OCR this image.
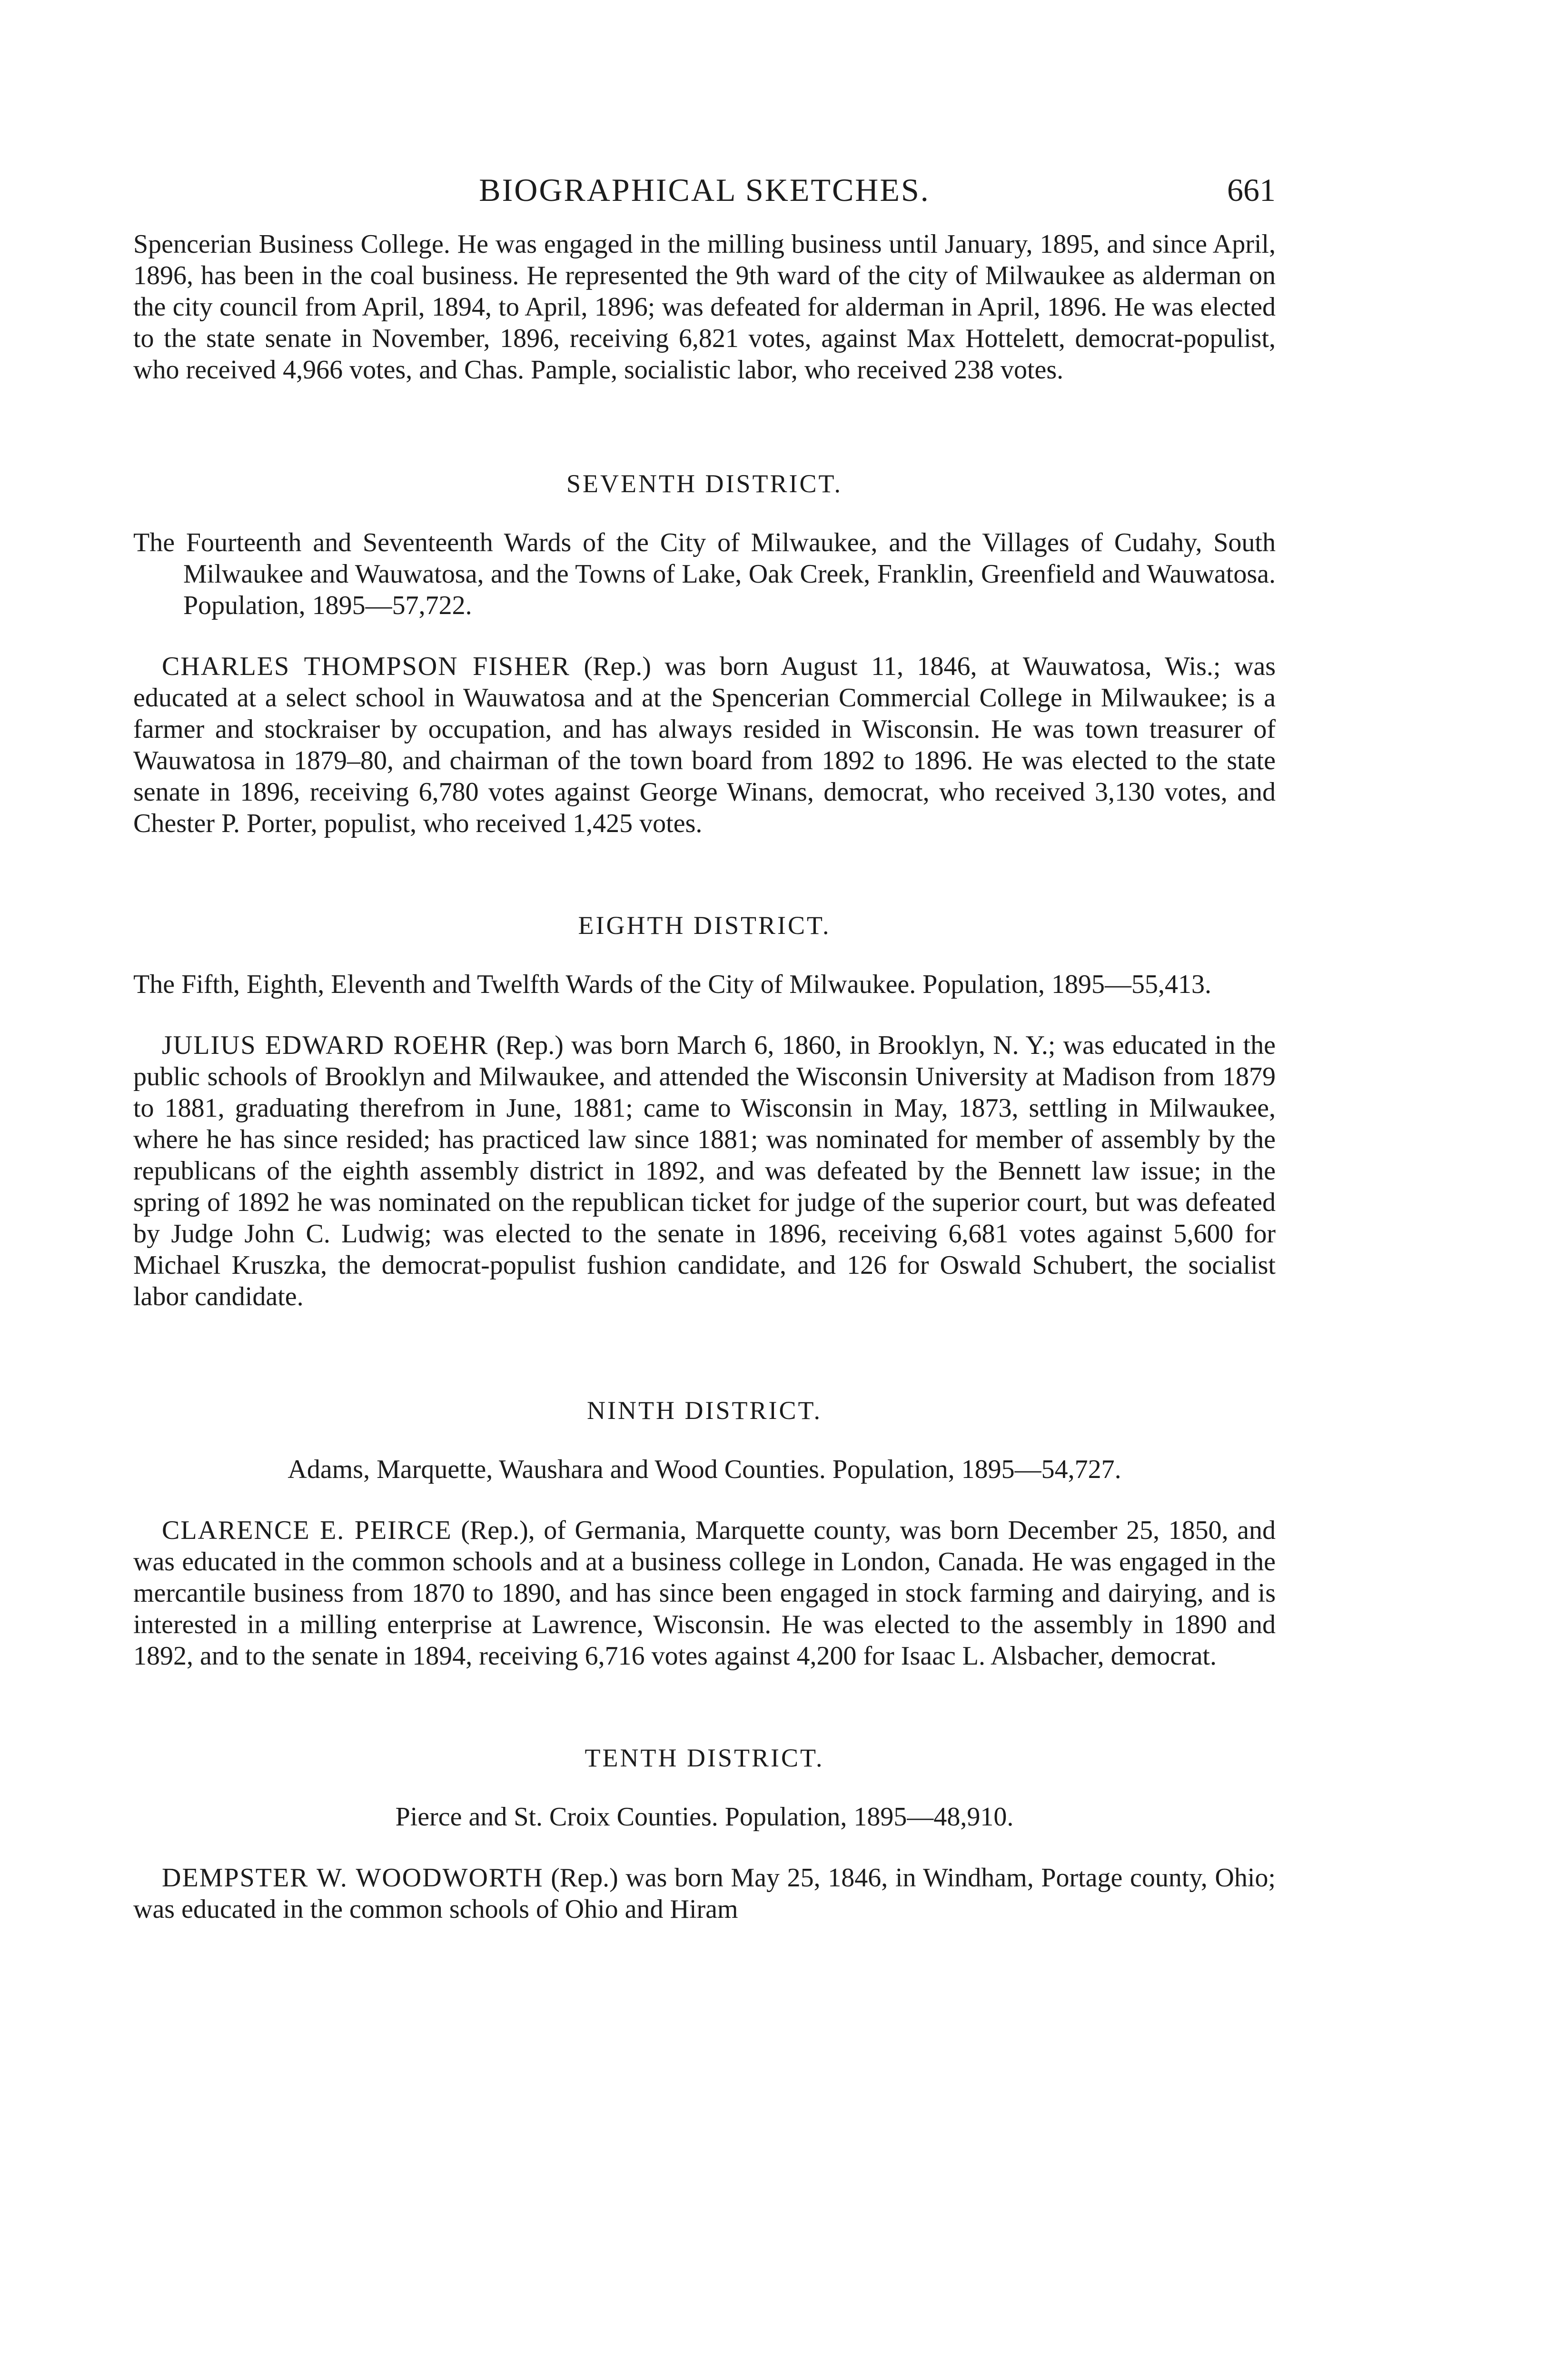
BIOGRAPHICAL SKETCHES.	661

Spencerian Business College. He was engaged in the milling business until January, 1895, and since April, 1896, has been in the coal business. He represented the 9th ward of the city of Milwaukee as alderman on the city council from April, 1894, to April, 1896; was defeated for alderman in April, 1896. He was elected to the state senate in November, 1896, receiving 6,821 votes, against Max Hottelett, democrat-populist, who received 4,966 votes, and Chas. Pample, socialistic labor, who received 238 votes.

SEVENTH DISTRICT.

The Fourteenth and Seventeenth Wards of the City of Milwaukee, and the Villages of Cudahy, South Milwaukee and Wauwatosa, and the Towns of Lake, Oak Creek, Franklin, Greenfield and Wauwatosa. Population, 1895—57,722.

CHARLES THOMPSON FISHER (Rep.) was born August 11, 1846, at Wauwatosa, Wis.; was educated at a select school in Wauwatosa and at the Spencerian Commercial College in Milwaukee; is a farmer and stockraiser by occupation, and has always resided in Wisconsin. He was town treasurer of Wauwatosa in 1879–80, and chairman of the town board from 1892 to 1896. He was elected to the state senate in 1896, receiving 6,780 votes against George Winans, democrat, who received 3,130 votes, and Chester P. Porter, populist, who received 1,425 votes.

EIGHTH DISTRICT.

The Fifth, Eighth, Eleventh and Twelfth Wards of the City of Milwaukee. Population, 1895—55,413.

JULIUS EDWARD ROEHR (Rep.) was born March 6, 1860, in Brooklyn, N. Y.; was educated in the public schools of Brooklyn and Milwaukee, and attended the Wisconsin University at Madison from 1879 to 1881, graduating therefrom in June, 1881; came to Wisconsin in May, 1873, settling in Milwaukee, where he has since resided; has practiced law since 1881; was nominated for member of assembly by the republicans of the eighth assembly district in 1892, and was defeated by the Bennett law issue; in the spring of 1892 he was nominated on the republican ticket for judge of the superior court, but was defeated by Judge John C. Ludwig; was elected to the senate in 1896, receiving 6,681 votes against 5,600 for Michael Kruszka, the democrat-populist fushion candidate, and 126 for Oswald Schubert, the socialist labor candidate.

NINTH DISTRICT.

Adams, Marquette, Waushara and Wood Counties. Population, 1895—54,727.

CLARENCE E. PEIRCE (Rep.), of Germania, Marquette county, was born December 25, 1850, and was educated in the common schools and at a business college in London, Canada. He was engaged in the mercantile business from 1870 to 1890, and has since been engaged in stock farming and dairying, and is interested in a milling enterprise at Lawrence, Wisconsin. He was elected to the assembly in 1890 and 1892, and to the senate in 1894, receiving 6,716 votes against 4,200 for Isaac L. Alsbacher, democrat.

TENTH DISTRICT.

Pierce and St. Croix Counties. Population, 1895—48,910.

DEMPSTER W. WOODWORTH (Rep.) was born May 25, 1846, in Windham, Portage county, Ohio; was educated in the common schools of Ohio and Hiram
